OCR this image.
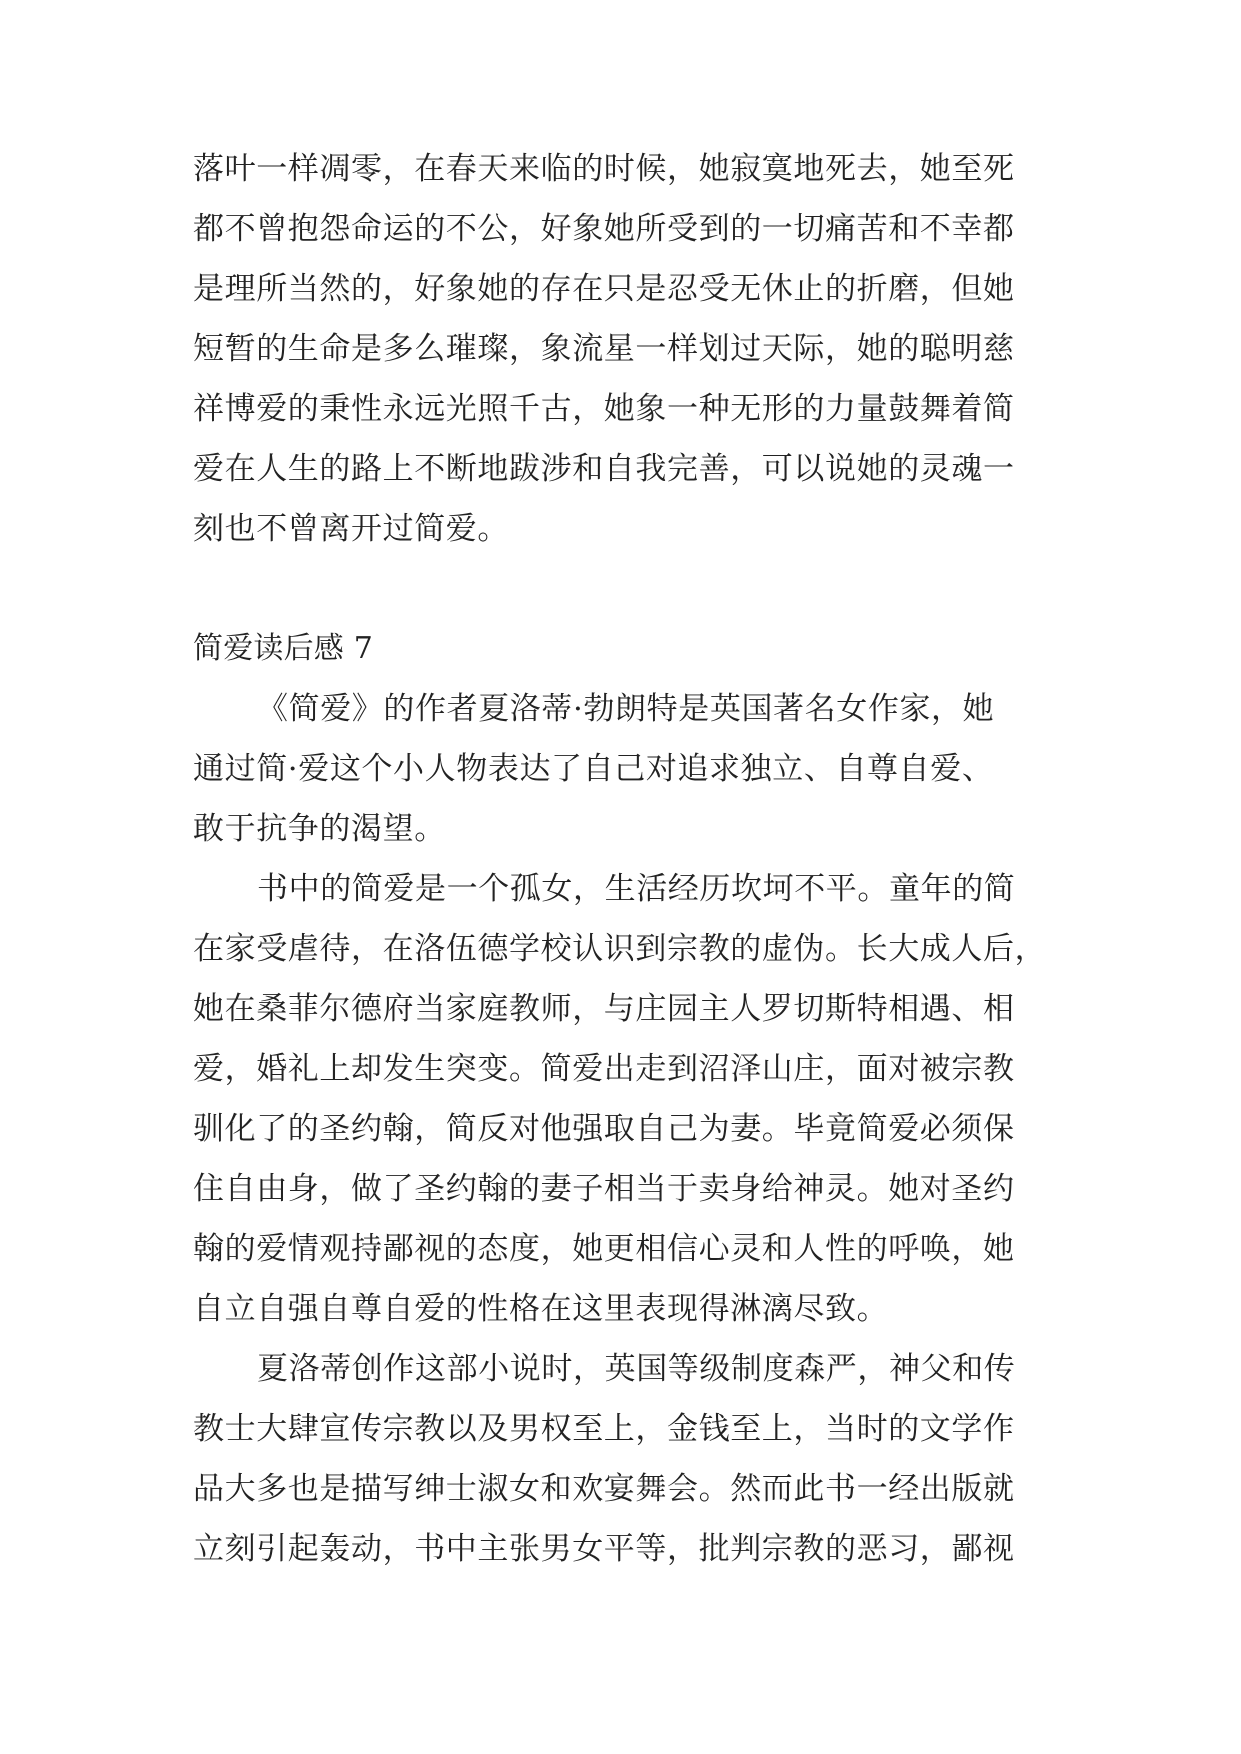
落叶一样凋零，在春天来临的时候，她寂寞地死去，她至死
都不曾抱怨命运的不公，好象她所受到的一切痛苦和不幸都
是理所当然的，好象她的存在只是忍受无休止的折磨，但她
短暂的生命是多么璀璨，象流星一样划过天际，她的聪明慈
祥博爱的秉性永远光照千古，她象一种无形的力量鼓舞着简
爱在人生的路上不断地跋涉和自我完善，可以说她的灵魂一
刻也不曾离开过简爱。
简爱读后感 7
《简爱》的作者夏洛蒂·勃朗特是英国著名女作家，她
通过简·爱这个小人物表达了自己对追求独立、自尊自爱、
敢于抗争的渴望。
书中的简爱是一个孤女，生活经历坎坷不平。童年的简
在家受虐待，在洛伍德学校认识到宗教的虚伪。长大成人后，
她在桑菲尔德府当家庭教师，与庄园主人罗切斯特相遇、相
爱，婚礼上却发生突变。简爱出走到沼泽山庄，面对被宗教
驯化了的圣约翰，简反对他强取自己为妻。毕竟简爱必须保
住自由身，做了圣约翰的妻子相当于卖身给神灵。她对圣约
翰的爱情观持鄙视的态度，她更相信心灵和人性的呼唤，她
自立自强自尊自爱的性格在这里表现得淋漓尽致。
夏洛蒂创作这部小说时，英国等级制度森严，神父和传
教士大肆宣传宗教以及男权至上，金钱至上，当时的文学作
品大多也是描写绅士淑女和欢宴舞会。然而此书一经出版就
立刻引起轰动，书中主张男女平等，批判宗教的恶习，鄙视
